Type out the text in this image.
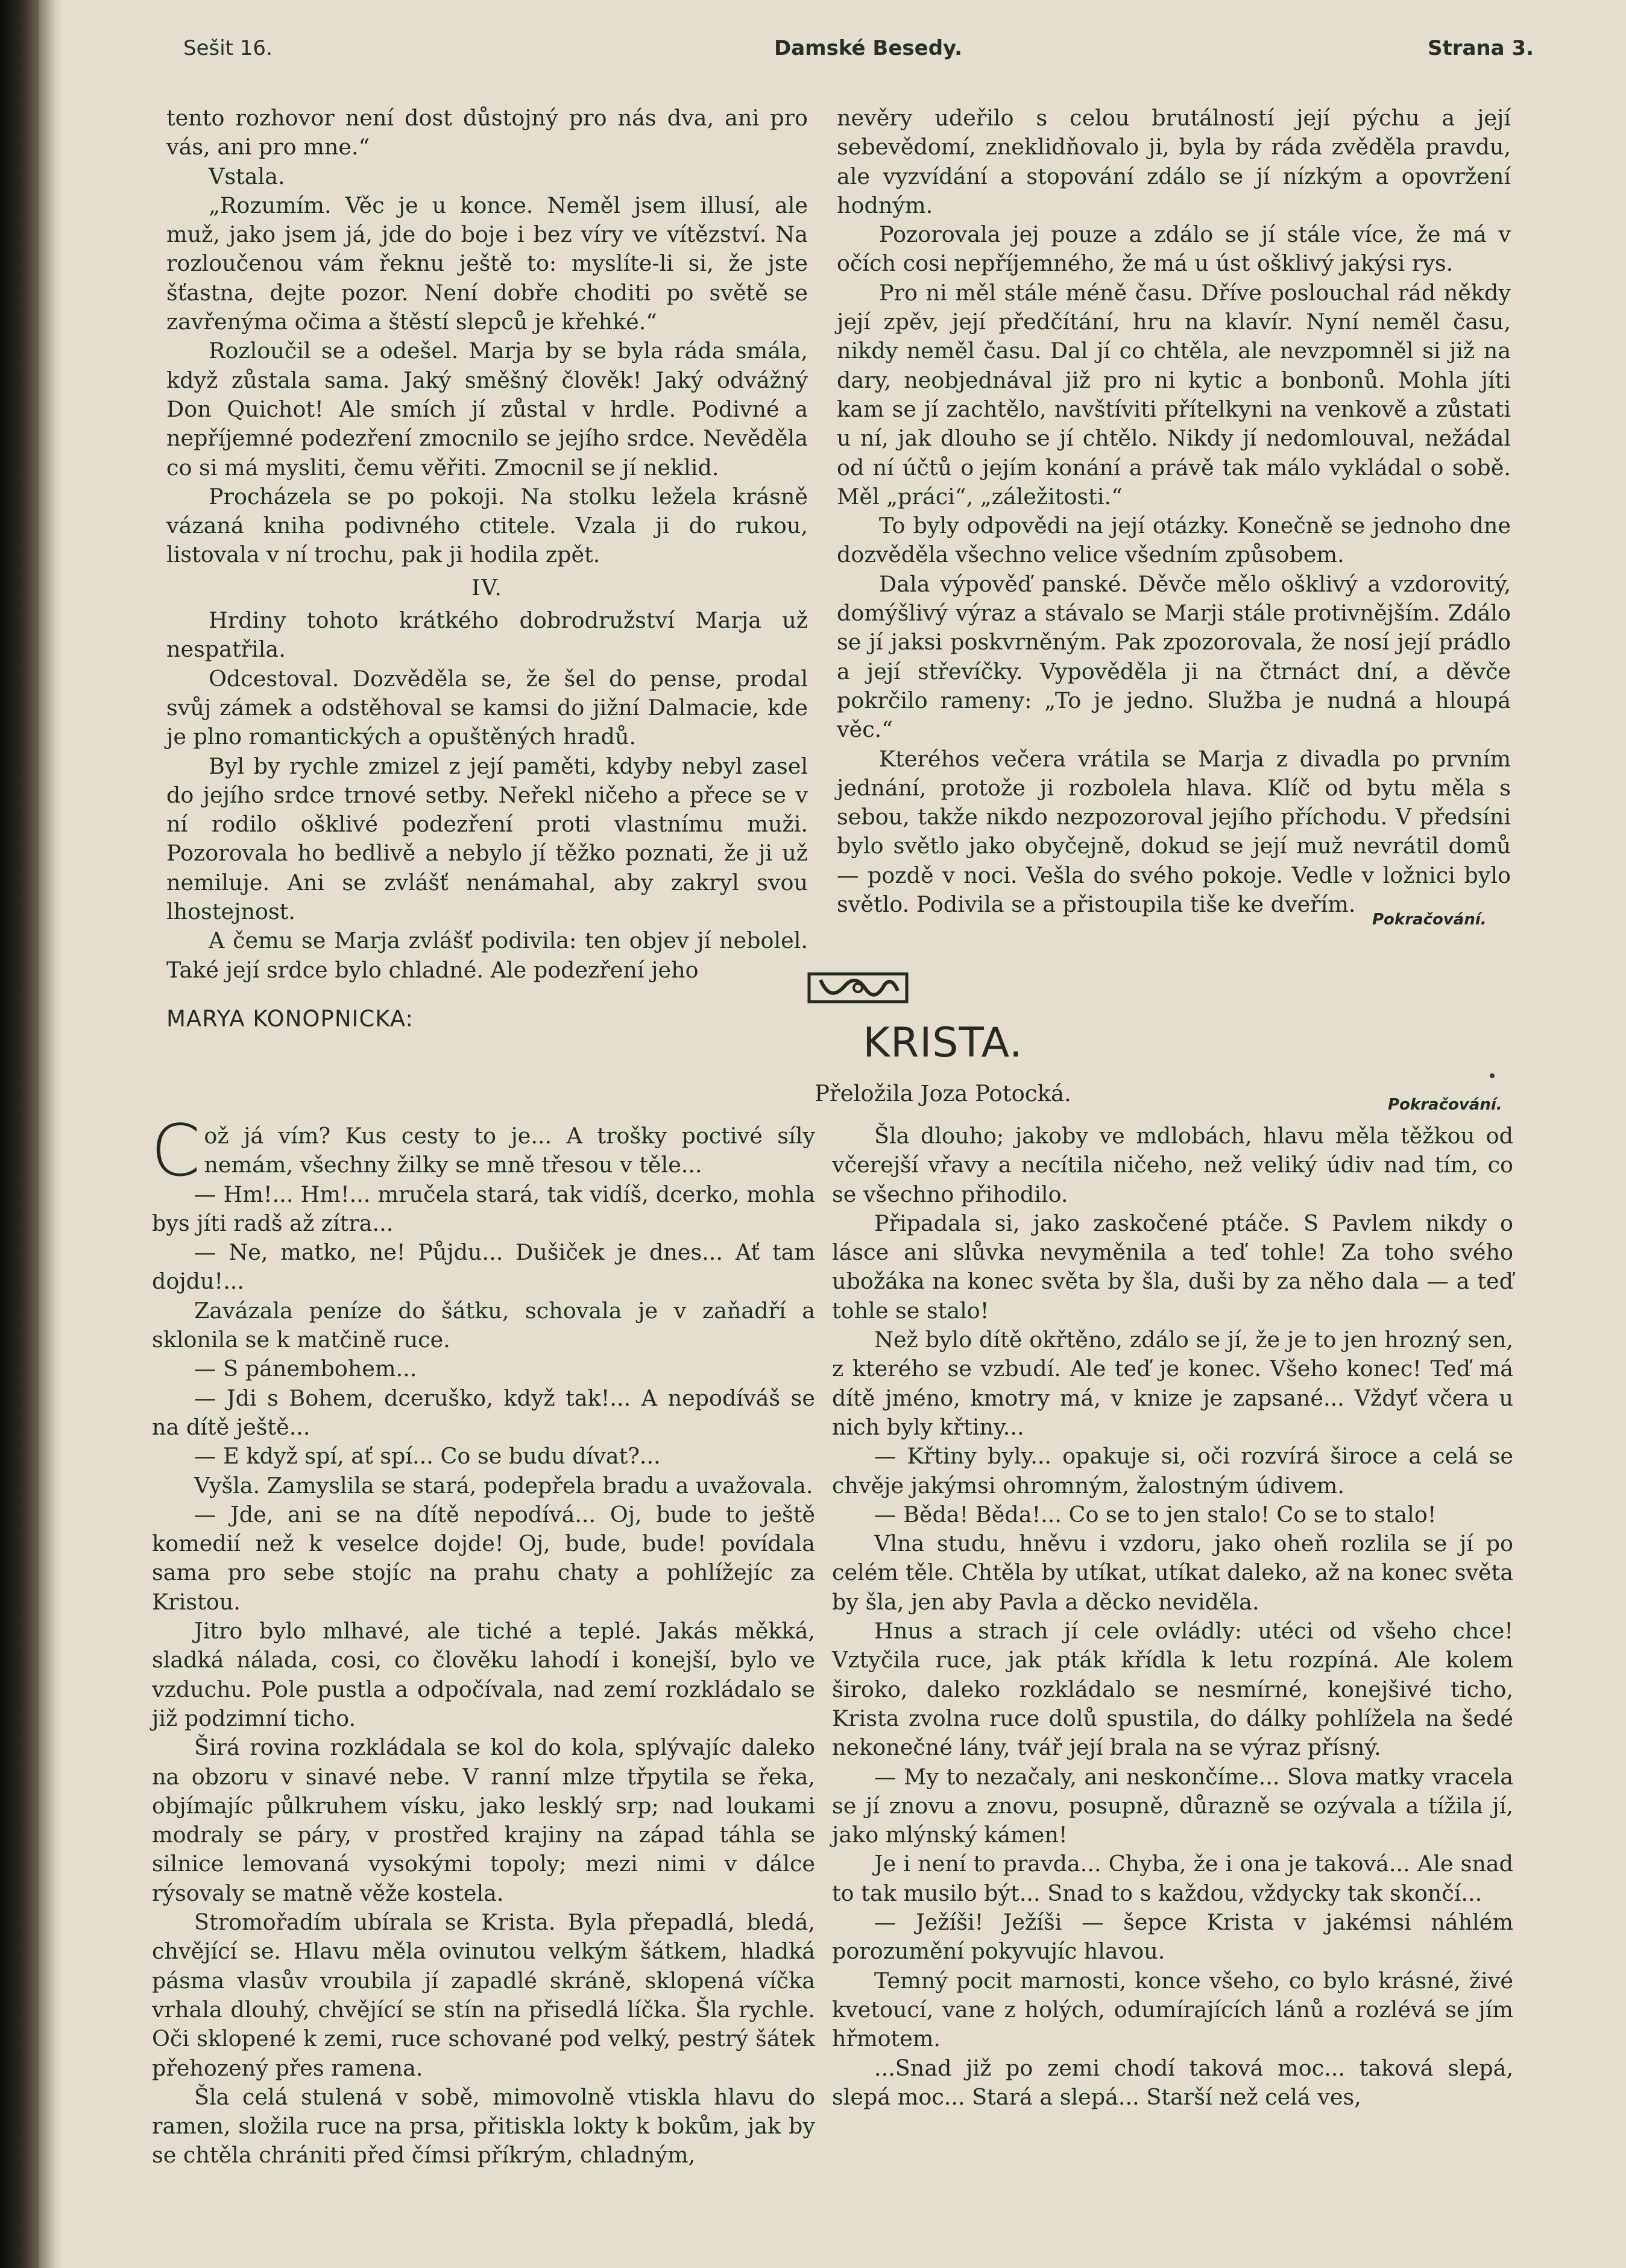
Sešit 16.	Damské Besedy.	Strana 3.

tento rozhovor není dost důstojný pro nás dva, ani pro vás, ani pro mne.“

Vstala.

„Rozumím. Věc je u konce. Neměl jsem illusí, ale muž, jako jsem já, jde do boje i bez víry ve vítězství. Na rozloučenou vám řeknu ještě to: myslíte-li si, že jste šťastna, dejte pozor. Není dobře choditi po světě se zavřenýma očima a štěstí slepců je křehké.“

Rozloučil se a odešel. Marja by se byla ráda smála, když zůstala sama. Jaký směšný člověk! Jaký odvážný Don Quichot! Ale smích jí zůstal v hrdle. Podivné a nepříjemné podezření zmocnilo se jejího srdce. Nevěděla co si má mysliti, čemu věřiti. Zmocnil se jí neklid.

Procházela se po pokoji. Na stolku ležela krásně vázaná kniha podivného ctitele. Vzala ji do rukou, listovala v ní trochu, pak ji hodila zpět.

IV.

Hrdiny tohoto krátkého dobrodružství Marja už nespatřila.

Odcestoval. Dozvěděla se, že šel do pense, prodal svůj zámek a odstěhoval se kamsi do jižní Dalmacie, kde je plno romantických a opuštěných hradů.

Byl by rychle zmizel z její paměti, kdyby nebyl zasel do jejího srdce trnové setby. Neřekl ničeho a přece se v ní rodilo ošklivé podezření proti vlastnímu muži. Pozorovala ho bedlivě a nebylo jí těžko poznati, že ji už nemiluje. Ani se zvlášť nenámahal, aby zakryl svou lhostejnost.

A čemu se Marja zvlášť podivila: ten objev jí nebolel. Také její srdce bylo chladné. Ale podezření jeho

nevěry udeřilo s celou brutálností její pýchu a její sebevědomí, zneklidňovalo ji, byla by ráda zvěděla pravdu, ale vyzvídání a stopování zdálo se jí nízkým a opovržení hodným.

Pozorovala jej pouze a zdálo se jí stále více, že má v očích cosi nepříjemného, že má u úst ošklivý jakýsi rys.

Pro ni měl stále méně času. Dříve poslouchal rád někdy její zpěv, její předčítání, hru na klavír. Nyní neměl času, nikdy neměl času. Dal jí co chtěla, ale nevzpomněl si již na dary, neobjednával již pro ni kytic a bonbonů. Mohla jíti kam se jí zachtělo, navštíviti přítelkyni na venkově a zůstati u ní, jak dlouho se jí chtělo. Nikdy jí nedomlouval, nežádal od ní účtů o jejím konání a právě tak málo vykládal o sobě. Měl „práci“, „záležitosti.“

To byly odpovědi na její otázky. Konečně se jednoho dne dozvěděla všechno velice všedním způsobem.

Dala výpověď panské. Děvče mělo ošklivý a vzdorovitý, domýšlivý výraz a stávalo se Marji stále protivnějším. Zdálo se jí jaksi poskvrněným. Pak zpozorovala, že nosí její prádlo a její střevíčky. Vypověděla ji na čtrnáct dní, a děvče pokrčilo rameny: „To je jedno. Služba je nudná a hloupá věc.“

Kteréhos večera vrátila se Marja z divadla po prvním jednání, protože ji rozbolela hlava. Klíč od bytu měla s sebou, takže nikdo nezpozoroval jejího příchodu. V předsíni bylo světlo jako obyčejně, dokud se její muž nevrátil domů — pozdě v noci. Vešla do svého pokoje. Vedle v ložnici bylo světlo. Podivila se a přistoupila tiše ke dveřím.

Pokračování.
MARYA KONOPNICKA:
KRISTA.
Přeložila Joza Potocká.	Pokračování.

Což já vím? Kus cesty to je... A trošky poctivé síly nemám, všechny žilky se mně třesou v těle...

— Hm!... Hm!... mručela stará, tak vidíš, dcerko, mohla bys jíti radš až zítra...

— Ne, matko, ne! Půjdu... Dušiček je dnes... Ať tam dojdu!...

Zavázala peníze do šátku, schovala je v zaňadří a sklonila se k matčině ruce.

— S pánembohem...

— Jdi s Bohem, dceruško, když tak!... A nepodíváš se na dítě ještě...

— E když spí, ať spí... Co se budu dívat?...

Vyšla. Zamyslila se stará, podepřela bradu a uvažovala.

— Jde, ani se na dítě nepodívá... Oj, bude to ještě komedií než k veselce dojde! Oj, bude, bude! povídala sama pro sebe stojíc na prahu chaty a pohlížejíc za Kristou.

Jitro bylo mlhavé, ale tiché a teplé. Jakás měkká, sladká nálada, cosi, co člověku lahodí i konejší, bylo ve vzduchu. Pole pustla a odpočívala, nad zemí rozkládalo se již podzimní ticho.

Širá rovina rozkládala se kol do kola, splývajíc daleko na obzoru v sinavé nebe. V ranní mlze třpytila se řeka, objímajíc půlkruhem vísku, jako lesklý srp; nad loukami modraly se páry, v prostřed krajiny na západ táhla se silnice lemovaná vysokými topoly; mezi nimi v dálce rýsovaly se matně věže kostela.

Stromořadím ubírala se Krista. Byla přepadlá, bledá, chvějící se. Hlavu měla ovinutou velkým šátkem, hladká pásma vlasův vroubila jí zapadlé skráně, sklopená víčka vrhala dlouhý, chvějící se stín na přisedlá líčka. Šla rychle. Oči sklopené k zemi, ruce schované pod velký, pestrý šátek přehozený přes ramena.

Šla celá stulená v sobě, mimovolně vtiskla hlavu do ramen, složila ruce na prsa, přitiskla lokty k bokům, jak by se chtěla chrániti před čímsi příkrým, chladným,

Šla dlouho; jakoby ve mdlobách, hlavu měla těžkou od včerejší vřavy a necítila ničeho, než veliký údiv nad tím, co se všechno přihodilo.

Připadala si, jako zaskočené ptáče. S Pavlem nikdy o lásce ani slůvka nevyměnila a teď tohle! Za toho svého ubožáka na konec světa by šla, duši by za něho dala — a teď tohle se stalo!

Než bylo dítě okřtěno, zdálo se jí, že je to jen hrozný sen, z kterého se vzbudí. Ale teď je konec. Všeho konec! Teď má dítě jméno, kmotry má, v knize je zapsané... Vždyť včera u nich byly křtiny...

— Křtiny byly... opakuje si, oči rozvírá široce a celá se chvěje jakýmsi ohromným, žalostným údivem.

— Běda! Běda!... Co se to jen stalo! Co se to stalo!

Vlna studu, hněvu i vzdoru, jako oheň rozlila se jí po celém těle. Chtěla by utíkat, utíkat daleko, až na konec světa by šla, jen aby Pavla a děcko neviděla.

Hnus a strach jí cele ovládly: utéci od všeho chce! Vztyčila ruce, jak pták křídla k letu rozpíná. Ale kolem široko, daleko rozkládalo se nesmírné, konejšivé ticho, Krista zvolna ruce dolů spustila, do dálky pohlížela na šedé nekonečné lány, tvář její brala na se výraz přísný.

— My to nezačaly, ani neskončíme... Slova matky vracela se jí znovu a znovu, posupně, důrazně se ozývala a tížila jí, jako mlýnský kámen!

Je i není to pravda... Chyba, že i ona je taková... Ale snad to tak musilo být... Snad to s každou, vždycky tak skončí...

— Ježíši! Ježíši — šepce Krista v jakémsi náhlém porozumění pokyvujíc hlavou.

Temný pocit marnosti, konce všeho, co bylo krásné, živé kvetoucí, vane z holých, odumírajících lánů a rozlévá se jím hřmotem.

...Snad již po zemi chodí taková moc... taková slepá, slepá moc... Stará a slepá... Starší než celá ves,
